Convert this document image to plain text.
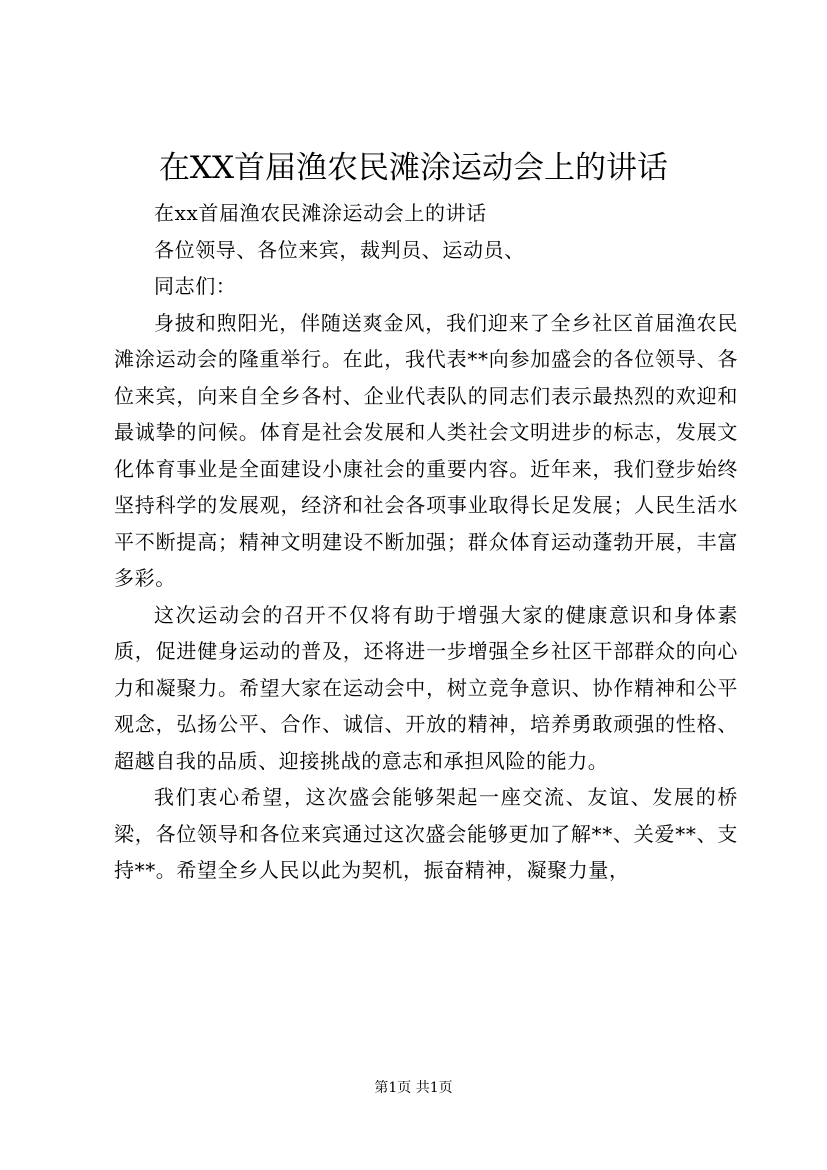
在XX首届渔农民滩涂运动会上的讲话

在xx首届渔农民滩涂运动会上的讲话

各位领导、各位来宾，裁判员、运动员、

同志们：

身披和煦阳光，伴随送爽金风，我们迎来了全乡社区首届渔农民滩涂运动会的隆重举行。在此，我代表**向参加盛会的各位领导、各位来宾，向来自全乡各村、企业代表队的同志们表示最热烈的欢迎和最诚挚的问候。体育是社会发展和人类社会文明进步的标志，发展文化体育事业是全面建设小康社会的重要内容。近年来，我们登步始终坚持科学的发展观，经济和社会各项事业取得长足发展；人民生活水平不断提高；精神文明建设不断加强；群众体育运动蓬勃开展，丰富多彩。

这次运动会的召开不仅将有助于增强大家的健康意识和身体素质，促进健身运动的普及，还将进一步增强全乡社区干部群众的向心力和凝聚力。希望大家在运动会中，树立竞争意识、协作精神和公平观念，弘扬公平、合作、诚信、开放的精神，培养勇敢顽强的性格、超越自我的品质、迎接挑战的意志和承担风险的能力。

我们衷心希望，这次盛会能够架起一座交流、友谊、发展的桥梁，各位领导和各位来宾通过这次盛会能够更加了解**、关爱**、支持**。希望全乡人民以此为契机，振奋精神，凝聚力量，

第1页 共1页
